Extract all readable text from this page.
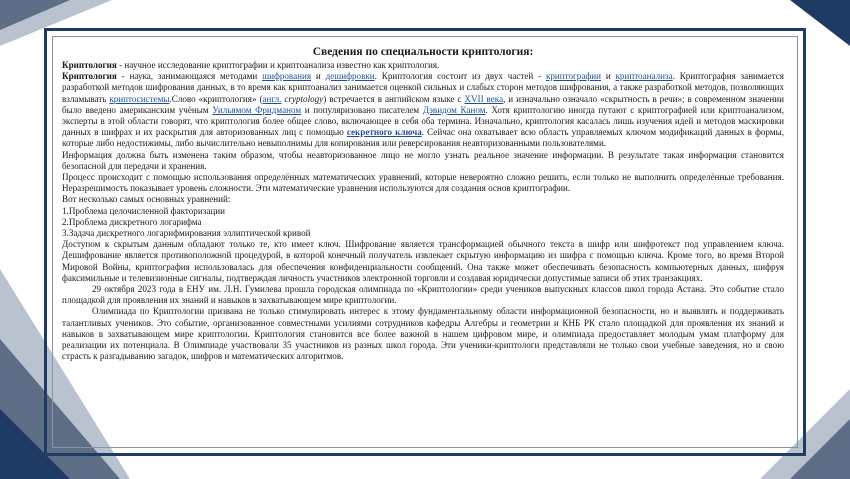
Сведения по специальности криптология:

Криптология - научное исследование криптографии и криптоанализа известно как криптология.

Криптология - наука, занимающаяся методами шифрования и дешифровки. Криптология состоит из двух частей - криптографии и криптоанализа. Криптография занимается разработкой методов шифрования данных, в то время как криптоанализ занимается оценкой сильных и слабых сторон методов шифрования, а также разработкой методов, позволяющих взламывать криптосистемы.Слово «криптология» (англ. cryptology) встречается в английском языке с XVII века, и изначально означало «скрытность в речи»; в современном значении было введено американским учёным Уильямом Фридманом и популяризовано писателем Дэвидом Каном. Хотя криптологию иногда путают с криптографией или криптоанализом, эксперты в этой области говорят, что криптология более общее слово, включающее в себя оба термина. Изначально, криптология касалась лишь изучения идей и методов маскировки данных в шифрах и их раскрытия для авторизованных лиц с помощью секретного ключа. Сейчас она охватывает всю область управляемых ключом модификаций данных в формы, которые либо недостижимы, либо вычислительно невыполнимы для копирования или реверсирования неавторизованными пользователями.

Информация должна быть изменена таким образом, чтобы неавторизованное лицо не могло узнать реальное значение информации. В результате такая информация становится безопасной для передачи и хранения.

Процесс происходит с помощью использования определённых математических уравнений, которые невероятно сложно решить, если только не выполнить определённые требования. Неразрешимость показывает уровень сложности. Эти математические уравнения используются для создания основ криптографии.

Вот несколько самых основных уравнений:

1.Проблема целочисленной факторизации

2.Проблема дискретного логарифма

3.Задача дискретного логарифмирования эллиптической кривой

Доступом к скрытым данным обладают только те, кто имеет ключ. Шифрование является трансформацией обычного текста в шифр или шифротекст под управлением ключа. Дешифрование является противоположной процедурой, в которой конечный получатель извлекает скрытую информацию из шифра с помощью ключа. Кроме того, во время Второй Мировой Войны, криптография использовалась для обеспечения конфиденциальности сообщений. Она также может обеспечивать безопасность компьютерных данных, шифруя факсимильные и телевизионные сигналы, подтверждая личность участников электронной торговли и создавая юридически допустимые записи об этих транзакциях.

29 октября 2023 года в ЕНУ им. Л.Н. Гумилева прошла городская олимпиада по «Криптологии» среди учеников выпускных классов школ города Астана. Это событие стало площадкой для проявления их знаний и навыков в захватывающем мире криптологии.

Олимпиада по Криптологии призвана не только стимулировать интерес к этому фундаментальному области информационной безопасности, но и выявлять и поддерживать талантливых учеников. Это событие, организованное совместными усилиями сотрудников кафедры Алгебры и геометрии и КНБ РК стало площадкой для проявления их знаний и навыков в захватывающем мире криптологии. Криптология становится все более важной в нашем цифровом мире, и олимпиада предоставляет молодым умам платформу для реализации их потенциала. В Олимпиаде участвовали 35 участников из разных школ города. Эти ученики-криптологи представляли не только свои учебные заведения, но и свою страсть к разгадыванию загадок, шифров и математических алгоритмов.
